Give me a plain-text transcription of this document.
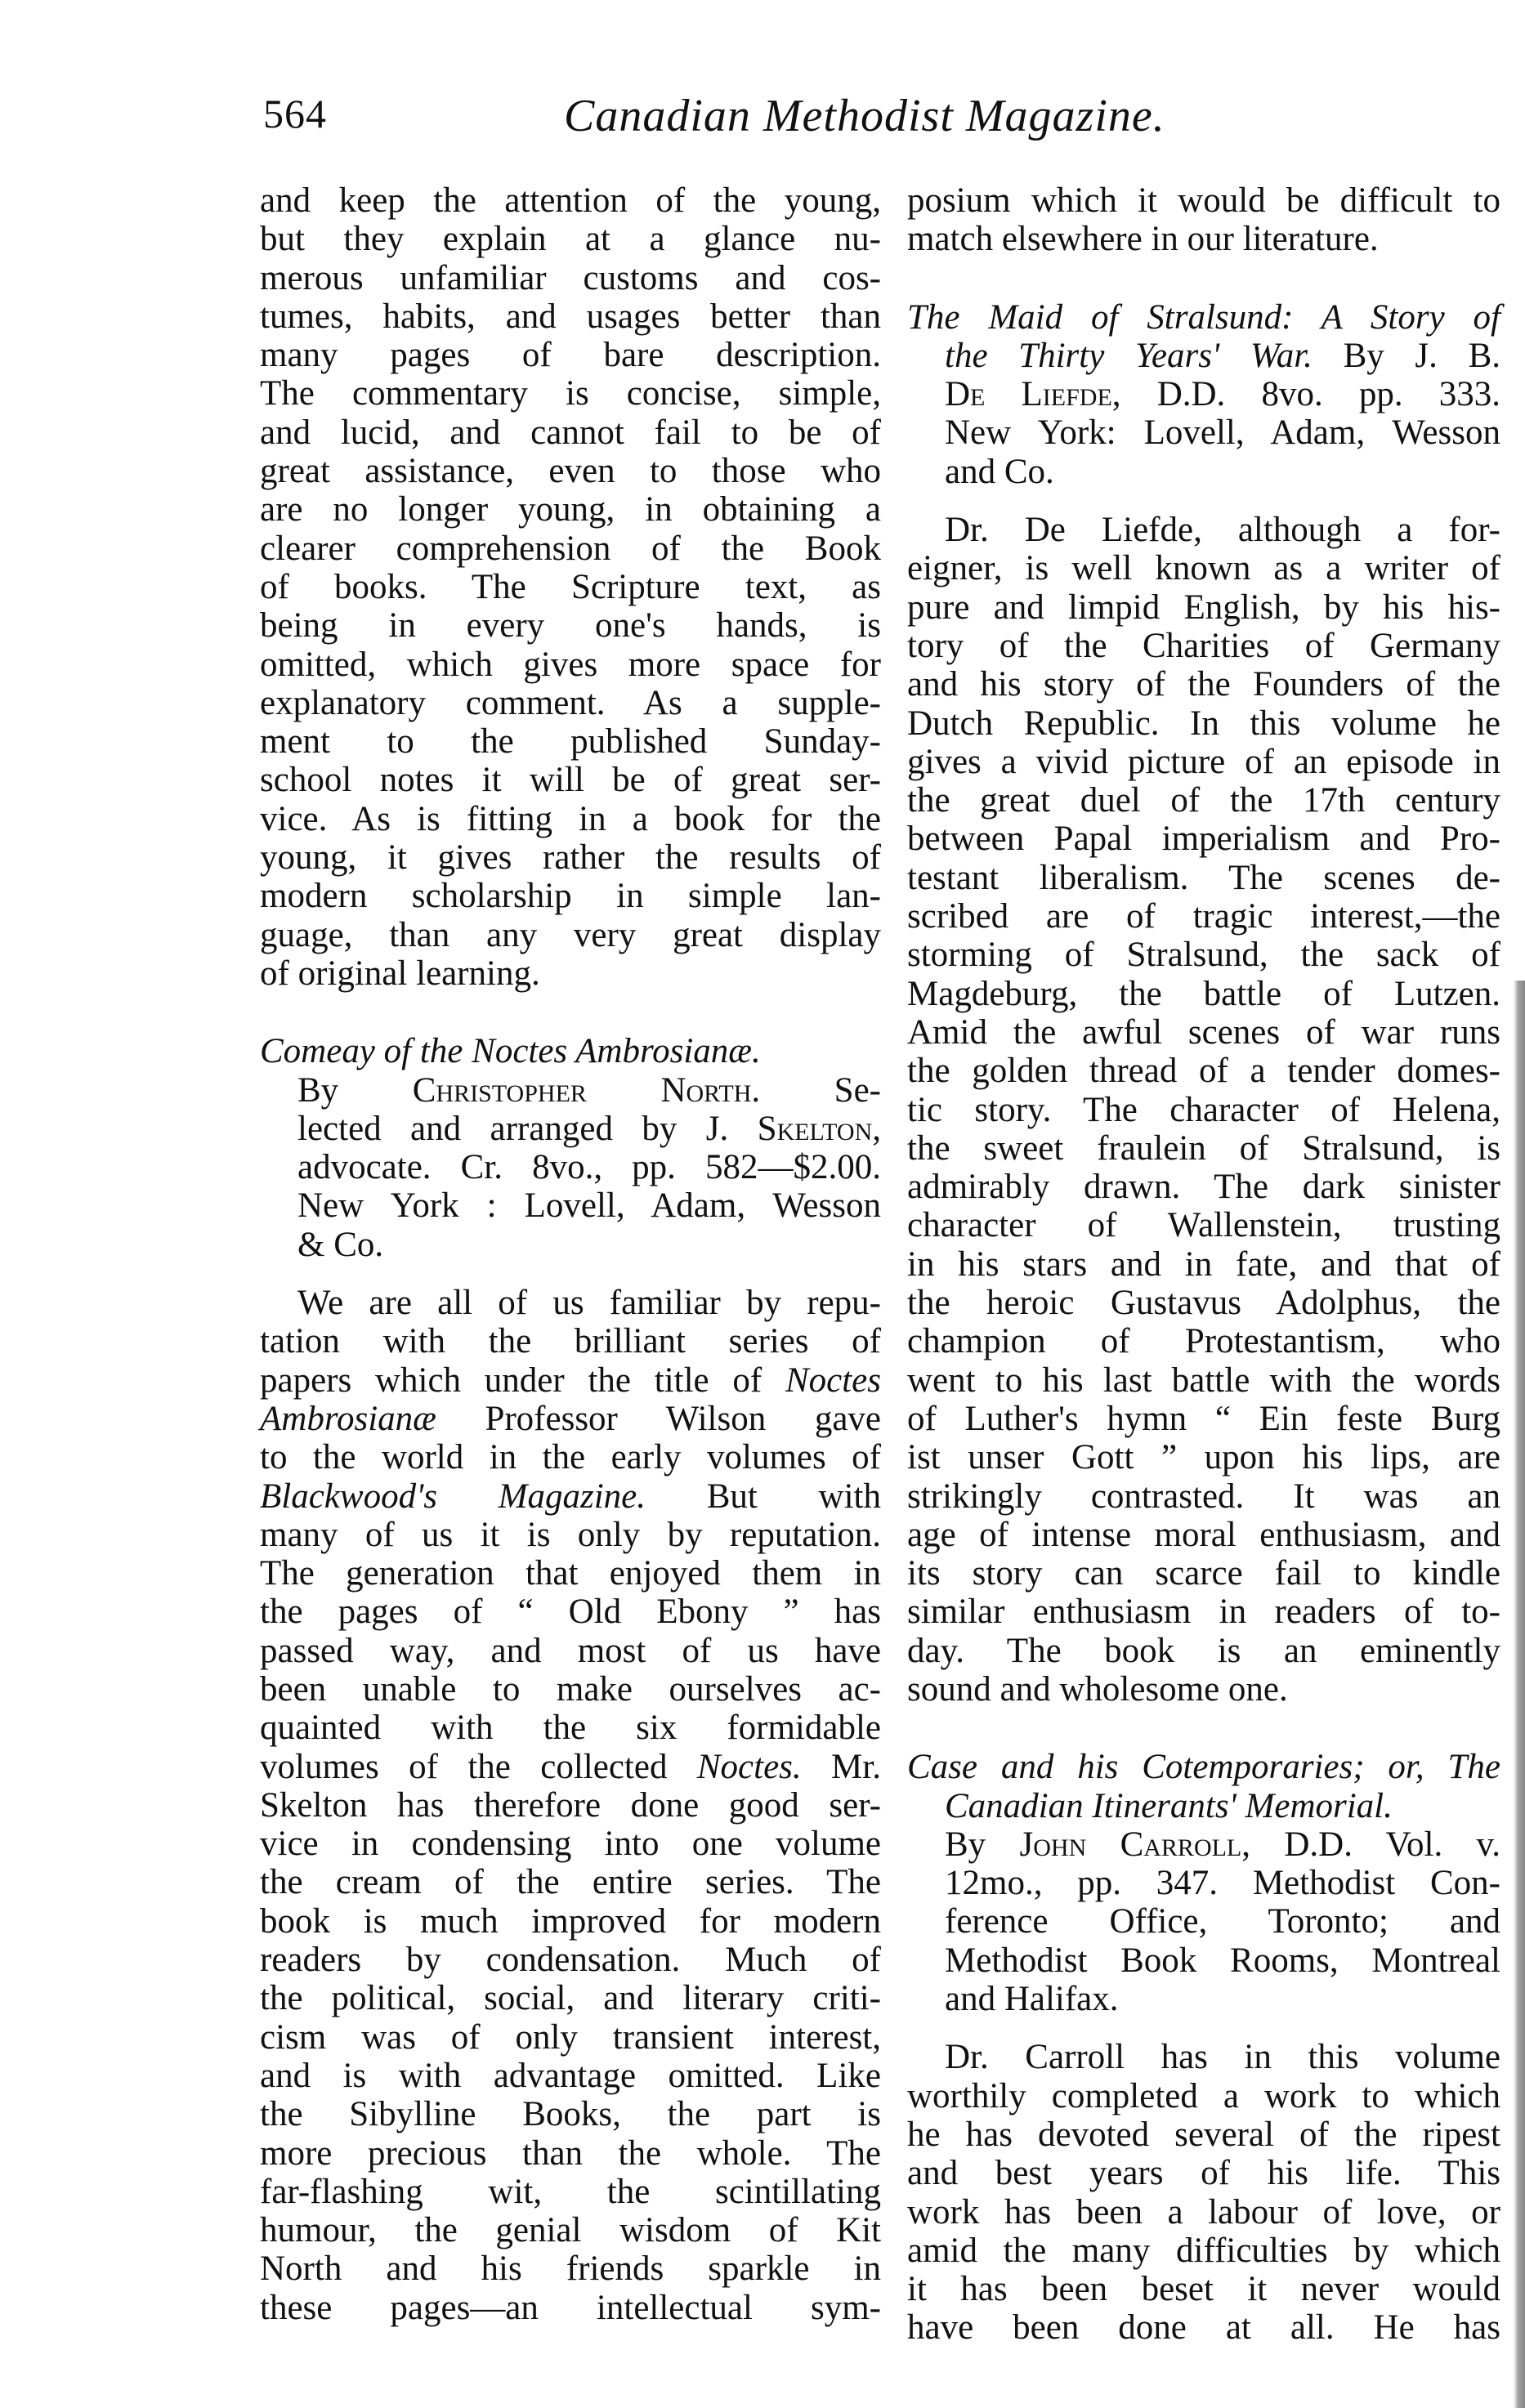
564	Canadian Methodist Magazine.
and keep the attention of the young,
but they explain at a glance nu-
merous unfamiliar customs and cos-
tumes, habits, and usages better than
many pages of bare description.
The commentary is concise, simple,
and lucid, and cannot fail to be of
great assistance, even to those who
are no longer young, in obtaining a
clearer comprehension of the Book
of books. The Scripture text, as
being in every one's hands, is
omitted, which gives more space for
explanatory comment. As a supple-
ment to the published Sunday-
school notes it will be of great ser-
vice. As is fitting in a book for the
young, it gives rather the results of
modern scholarship in simple lan-
guage, than any very great display
of original learning.
Comeay of the Noctes Ambrosianæ.
By Christopher North. Se-
lected and arranged by J. Skelton,
advocate. Cr. 8vo., pp. 582—$2.00.
New York : Lovell, Adam, Wesson
& Co.
We are all of us familiar by repu-
tation with the brilliant series of
papers which under the title of Noctes
Ambrosianæ Professor Wilson gave
to the world in the early volumes of
Blackwood's Magazine. But with
many of us it is only by reputation.
The generation that enjoyed them in
the pages of “ Old Ebony ” has
passed way, and most of us have
been unable to make ourselves ac-
quainted with the six formidable
volumes of the collected Noctes. Mr.
Skelton has therefore done good ser-
vice in condensing into one volume
the cream of the entire series. The
book is much improved for modern
readers by condensation. Much of
the political, social, and literary criti-
cism was of only transient interest,
and is with advantage omitted. Like
the Sibylline Books, the part is
more precious than the whole. The
far-flashing wit, the scintillating
humour, the genial wisdom of Kit
North and his friends sparkle in
these pages—an intellectual sym-
posium which it would be difficult to
match elsewhere in our literature.
The Maid of Stralsund: A Story of
the Thirty Years' War. By J. B.
De Liefde, D.D. 8vo. pp. 333.
New York: Lovell, Adam, Wesson
and Co.
Dr. De Liefde, although a for-
eigner, is well known as a writer of
pure and limpid English, by his his-
tory of the Charities of Germany
and his story of the Founders of the
Dutch Republic. In this volume he
gives a vivid picture of an episode in
the great duel of the 17th century
between Papal imperialism and Pro-
testant liberalism. The scenes de-
scribed are of tragic interest,—the
storming of Stralsund, the sack of
Magdeburg, the battle of Lutzen.
Amid the awful scenes of war runs
the golden thread of a tender domes-
tic story. The character of Helena,
the sweet fraulein of Stralsund, is
admirably drawn. The dark sinister
character of Wallenstein, trusting
in his stars and in fate, and that of
the heroic Gustavus Adolphus, the
champion of Protestantism, who
went to his last battle with the words
of Luther's hymn “ Ein feste Burg
ist unser Gott ” upon his lips, are
strikingly contrasted. It was an
age of intense moral enthusiasm, and
its story can scarce fail to kindle
similar enthusiasm in readers of to-
day. The book is an eminently
sound and wholesome one.
Case and his Cotemporaries; or, The
Canadian Itinerants' Memorial.
By John Carroll, D.D. Vol. v.
12mo., pp. 347. Methodist Con-
ference Office, Toronto; and
Methodist Book Rooms, Montreal
and Halifax.
Dr. Carroll has in this volume
worthily completed a work to which
he has devoted several of the ripest
and best years of his life. This
work has been a labour of love, or
amid the many difficulties by which
it has been beset it never would
have been done at all. He has
